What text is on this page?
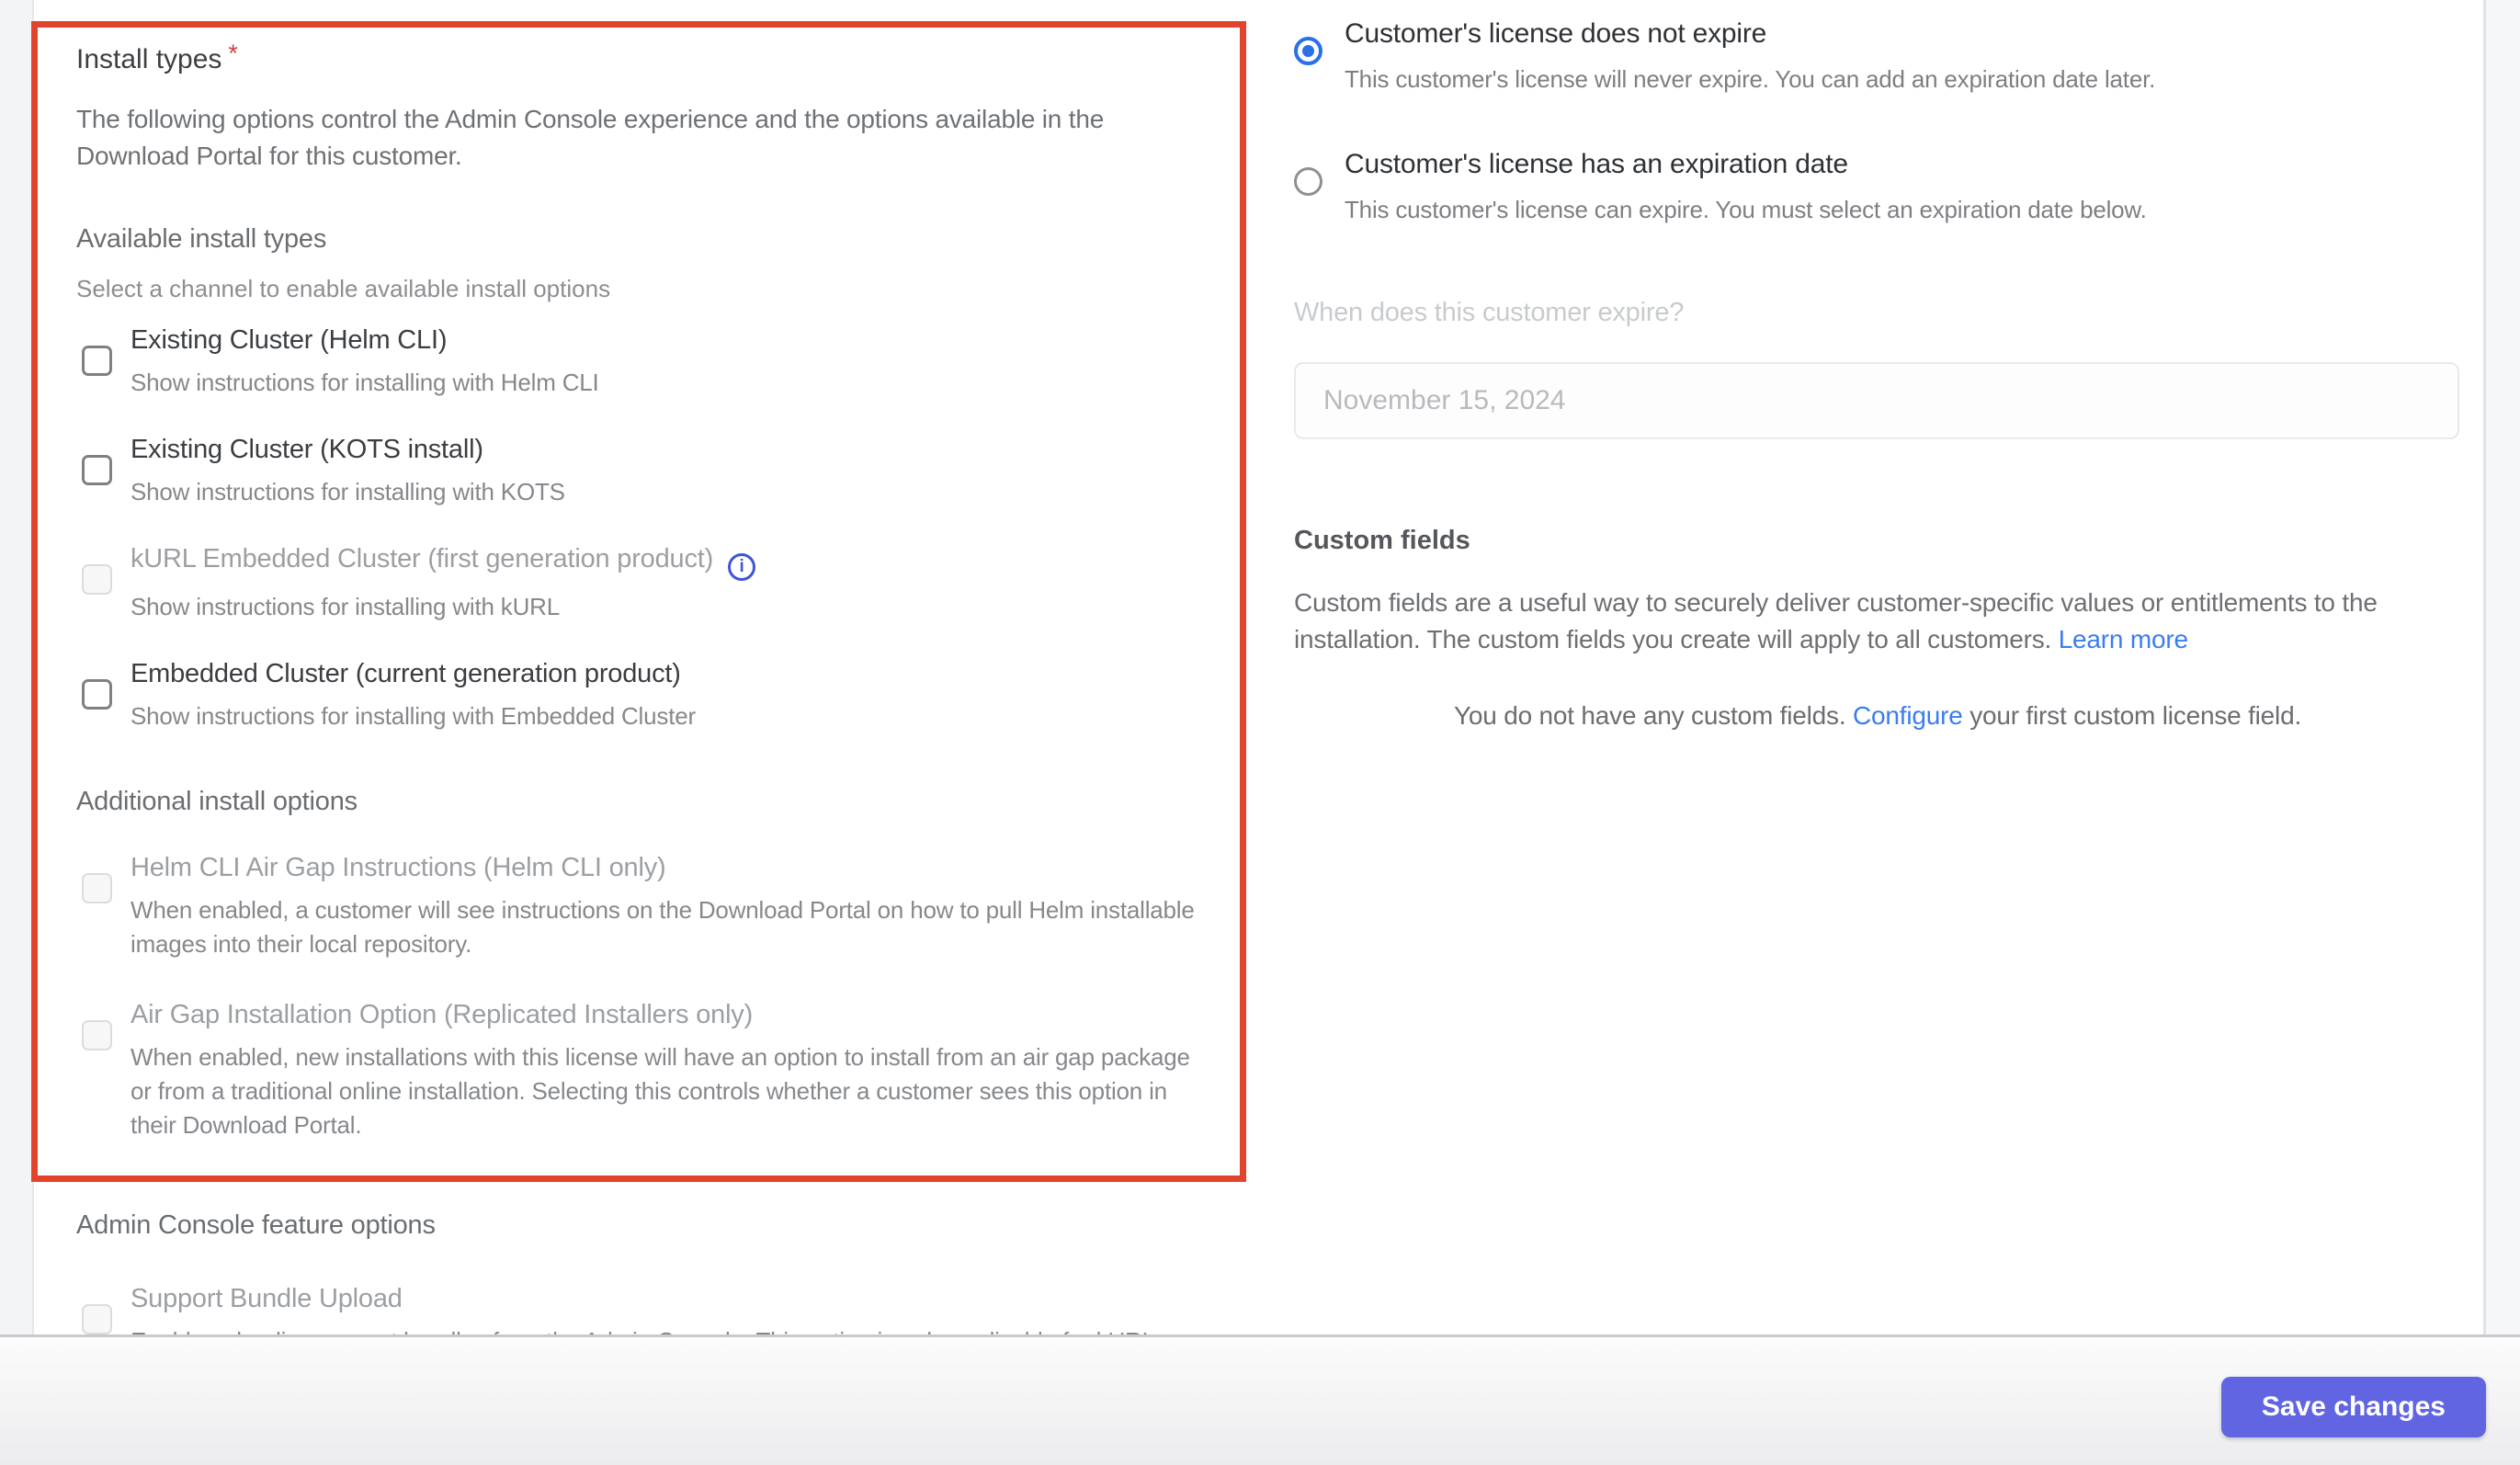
Install types *
The following options control the Admin Console experience and the options available in the Download Portal for this customer.
Available install types
Select a channel to enable available install options
Existing Cluster (Helm CLI)
Show instructions for installing with Helm CLI
Existing Cluster (KOTS install)
Show instructions for installing with KOTS
kURL Embedded Cluster (first generation product) i
Show instructions for installing with kURL
Embedded Cluster (current generation product)
Show instructions for installing with Embedded Cluster
Additional install options
Helm CLI Air Gap Instructions (Helm CLI only)
When enabled, a customer will see instructions on the Download Portal on how to pull Helm installable images into their local repository.
Air Gap Installation Option (Replicated Installers only)
When enabled, new installations with this license will have an option to install from an air gap package or from a traditional online installation. Selecting this controls whether a customer sees this option in their Download Portal.
Admin Console feature options
Support Bundle Upload
Customer's license does not expire
This customer's license will never expire. You can add an expiration date later.
Customer's license has an expiration date
This customer's license can expire. You must select an expiration date below.
When does this customer expire?
November 15, 2024
Custom fields
Custom fields are a useful way to securely deliver customer-specific values or entitlements to the installation. The custom fields you create will apply to all customers. Learn more
You do not have any custom fields. Configure your first custom license field.
Save changes
